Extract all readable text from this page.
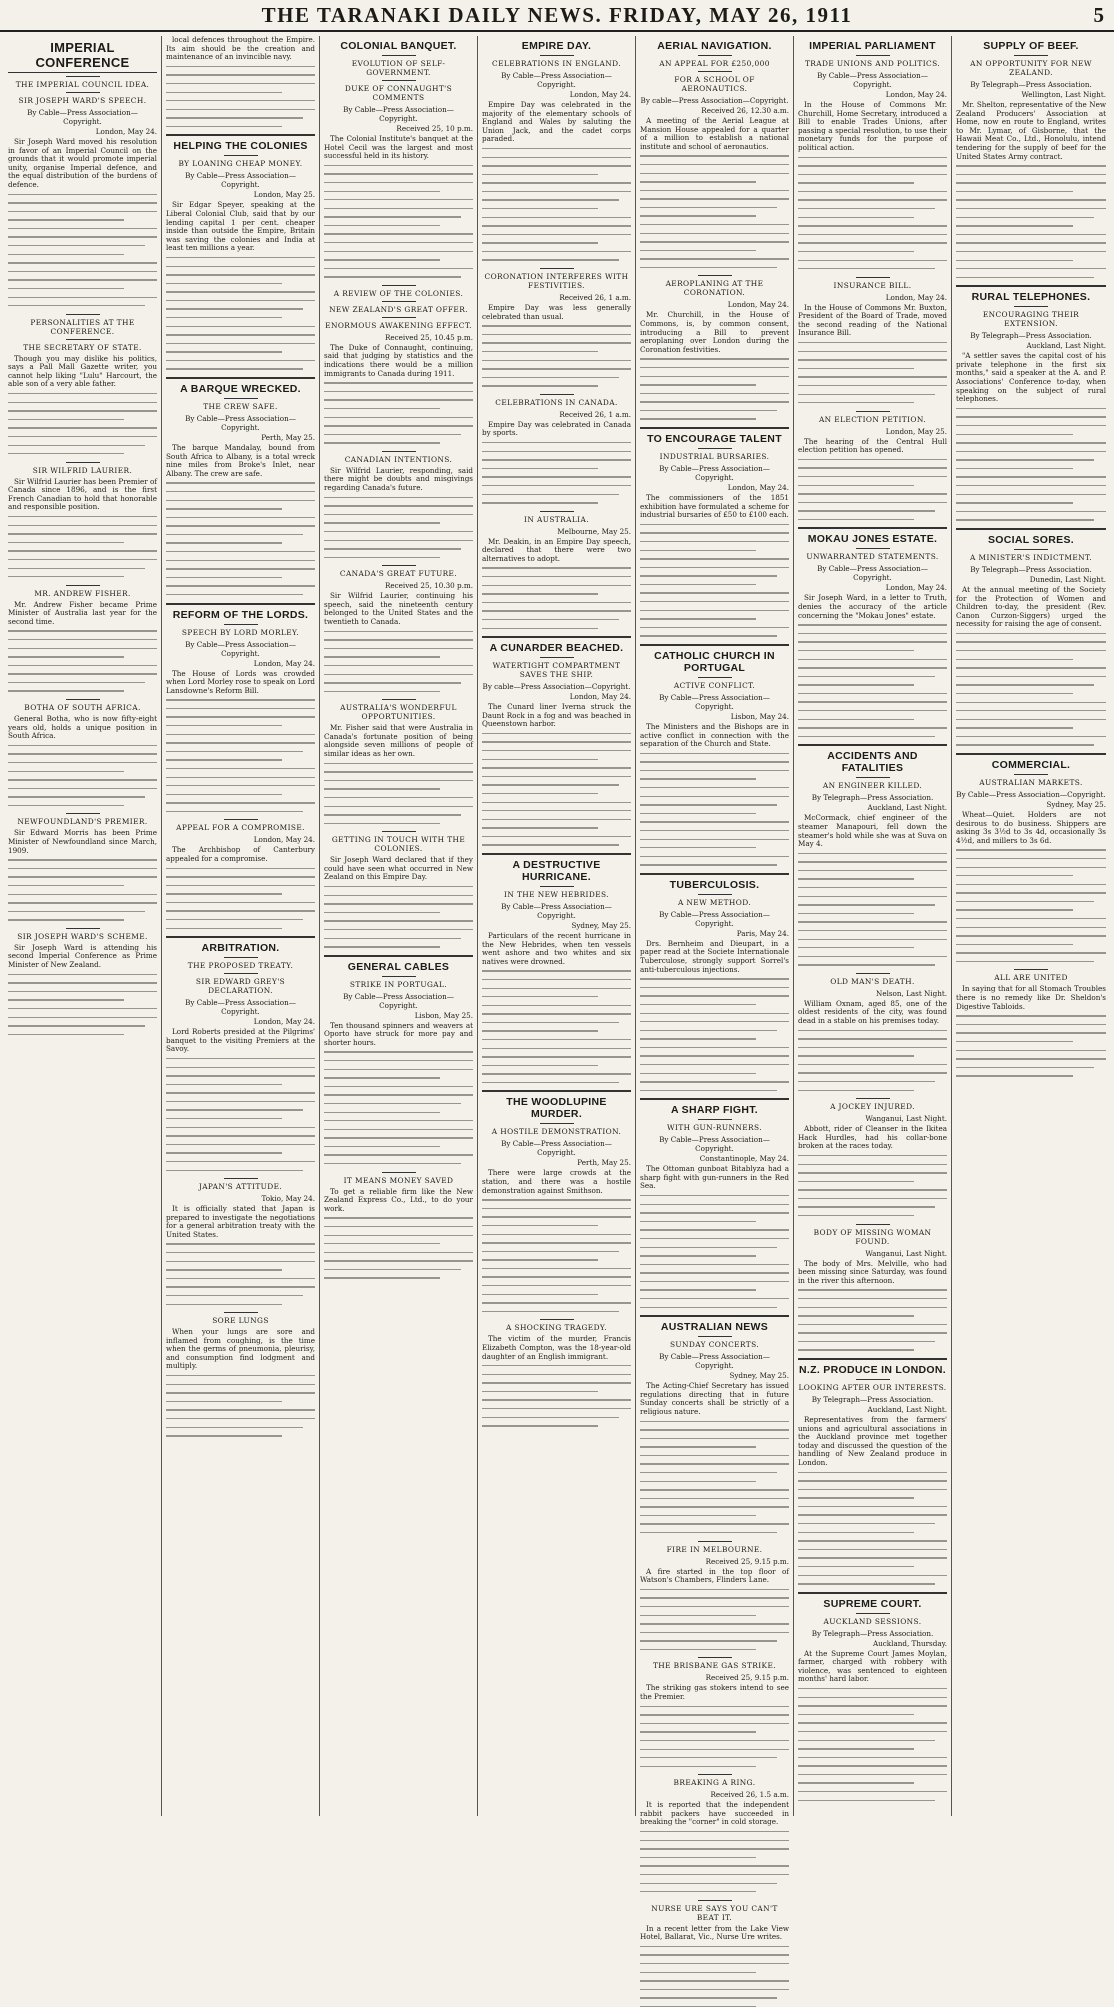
THE TARANAKI DAILY NEWS. FRIDAY, MAY 26, 1911	5
IMPERIAL CONFERENCE
THE IMPERIAL COUNCIL IDEA.
SIR JOSEPH WARD'S SPEECH.
By Cable—Press Association—Copyright.
London, May 24.

Sir Joseph Ward moved his resolution in favor of an Imperial Council on the grounds that it would promote imperial unity, organise Imperial defence, and the equal distribution of the burdens of defence.

PERSONALITIES AT THE CONFERENCE.
THE SECRETARY OF STATE.

Though you may dislike his politics, says a Pall Mall Gazette writer, you cannot help liking "Lulu" Harcourt, the able son of a very able father.

SIR WILFRID LAURIER.

Sir Wilfrid Laurier has been Premier of Canada since 1896, and is the first French Canadian to hold that honorable and responsible position.

MR. ANDREW FISHER.

Mr. Andrew Fisher became Prime Minister of Australia last year for the second time.

BOTHA OF SOUTH AFRICA.

General Botha, who is now fifty-eight years old, holds a unique position in South Africa.

NEWFOUNDLAND'S PREMIER.

Sir Edward Morris has been Prime Minister of Newfoundland since March, 1909.

SIR JOSEPH WARD'S SCHEME.

Sir Joseph Ward is attending his second Imperial Conference as Prime Minister of New Zealand.

local defences throughout the Empire. Its aim should be the creation and maintenance of an invincible navy.

HELPING THE COLONIES
BY LOANING CHEAP MONEY.
By Cable—Press Association—Copyright.
London, May 25.

Sir Edgar Speyer, speaking at the Liberal Colonial Club, said that by our lending capital 1 per cent. cheaper inside than outside the Empire, Britain was saving the colonies and India at least ten millions a year.

A BARQUE WRECKED.
THE CREW SAFE.
By Cable—Press Association—Copyright.
Perth, May 25.

The barque Mandalay, bound from South Africa to Albany, is a total wreck nine miles from Broke's Inlet, near Albany. The crew are safe.

REFORM OF THE LORDS.
SPEECH BY LORD MORLEY.
By Cable—Press Association—Copyright.
London, May 24.

The House of Lords was crowded when Lord Morley rose to speak on Lord Lansdowne's Reform Bill.

APPEAL FOR A COMPROMISE.
London, May 24.

The Archbishop of Canterbury appealed for a compromise.

ARBITRATION.
THE PROPOSED TREATY.
SIR EDWARD GREY'S DECLARATION.
By Cable—Press Association—Copyright.
London, May 24.

Lord Roberts presided at the Pilgrims' banquet to the visiting Premiers at the Savoy.

JAPAN'S ATTITUDE.
Tokio, May 24.

It is officially stated that Japan is prepared to investigate the negotiations for a general arbitration treaty with the United States.

SORE LUNGS

When your lungs are sore and inflamed from coughing, is the time when the germs of pneumonia, pleurisy, and consumption find lodgment and multiply.

COLONIAL BANQUET.
EVOLUTION OF SELF-GOVERNMENT.
DUKE OF CONNAUGHT'S COMMENTS
By Cable—Press Association—Copyright.
Received 25, 10 p.m.

The Colonial Institute's banquet at the Hotel Cecil was the largest and most successful held in its history.

A REVIEW OF THE COLONIES.
NEW ZEALAND'S GREAT OFFER.
ENORMOUS AWAKENING EFFECT.
Received 25, 10.45 p.m.

The Duke of Connaught, continuing, said that judging by statistics and the indications there would be a million immigrants to Canada during 1911.

CANADIAN INTENTIONS.

Sir Wilfrid Laurier, responding, said there might be doubts and misgivings regarding Canada's future.

CANADA'S GREAT FUTURE.
Received 25, 10.30 p.m.

Sir Wilfrid Laurier, continuing his speech, said the nineteenth century belonged to the United States and the twentieth to Canada.

AUSTRALIA'S WONDERFUL OPPORTUNITIES.

Mr. Fisher said that were Australia in Canada's fortunate position of being alongside seven millions of people of similar ideas as her own.

GETTING IN TOUCH WITH THE COLONIES.

Sir Joseph Ward declared that if they could have seen what occurred in New Zealand on this Empire Day.

GENERAL CABLES
STRIKE IN PORTUGAL.
By Cable—Press Association—Copyright.
Lisbon, May 25.

Ten thousand spinners and weavers at Oporto have struck for more pay and shorter hours.

IT MEANS MONEY SAVED

To get a reliable firm like the New Zealand Express Co., Ltd., to do your work.

EMPIRE DAY.
CELEBRATIONS IN ENGLAND.
By Cable—Press Association—Copyright.
London, May 24.

Empire Day was celebrated in the majority of the elementary schools of England and Wales by saluting the Union Jack, and the cadet corps paraded.

CORONATION INTERFERES WITH FESTIVITIES.
Received 26, 1 a.m.

Empire Day was less generally celebrated than usual.

CELEBRATIONS IN CANADA.
Received 26, 1 a.m.

Empire Day was celebrated in Canada by sports.

IN AUSTRALIA.
Melbourne, May 25.

Mr. Deakin, in an Empire Day speech, declared that there were two alternatives to adopt.

A CUNARDER BEACHED.
WATERTIGHT COMPARTMENT SAVES THE SHIP.
By cable—Press Association—Copyright.
London, May 24.

The Cunard liner Iverna struck the Daunt Rock in a fog and was beached in Queenstown harbor.

A DESTRUCTIVE HURRICANE.
IN THE NEW HEBRIDES.
By Cable—Press Association—Copyright.
Sydney, May 25.

Particulars of the recent hurricane in the New Hebrides, when ten vessels went ashore and two whites and six natives were drowned.

THE WOODLUPINE MURDER.
A HOSTILE DEMONSTRATION.
By Cable—Press Association—Copyright.
Perth, May 25.

There were large crowds at the station, and there was a hostile demonstration against Smithson.

A SHOCKING TRAGEDY.

The victim of the murder, Francis Elizabeth Compton, was the 18-year-old daughter of an English immigrant.

AERIAL NAVIGATION.
AN APPEAL FOR £250,000
FOR A SCHOOL OF AERONAUTICS.
By cable—Press Association—Copyright.
Received 26, 12.30 a.m.

A meeting of the Aerial League at Mansion House appealed for a quarter of a million to establish a national institute and school of aeronautics.

AEROPLANING AT THE CORONATION.
London, May 24.

Mr. Churchill, in the House of Commons, is, by common consent, introducing a Bill to prevent aeroplaning over London during the Coronation festivities.

TO ENCOURAGE TALENT
INDUSTRIAL BURSARIES.
By Cable—Press Association—Copyright.
London, May 24.

The commissioners of the 1851 exhibition have formulated a scheme for industrial bursaries of £50 to £100 each.

CATHOLIC CHURCH IN PORTUGAL
ACTIVE CONFLICT.
By Cable—Press Association—Copyright.
Lisbon, May 24.

The Ministers and the Bishops are in active conflict in connection with the separation of the Church and State.

TUBERCULOSIS.
A NEW METHOD.
By Cable—Press Association—Copyright.
Paris, May 24.

Drs. Bernheim and Dieupart, in a paper read at the Societe Internationale Tuberculose, strongly support Sorrel's anti-tuberculous injections.

A SHARP FIGHT.
WITH GUN-RUNNERS.
By Cable—Press Association—Copyright.
Constantinople, May 24.

The Ottoman gunboat Bitablyza had a sharp fight with gun-runners in the Red Sea.

AUSTRALIAN NEWS
SUNDAY CONCERTS.
By Cable—Press Association—Copyright.
Sydney, May 25.

The Acting-Chief Secretary has issued regulations directing that in future Sunday concerts shall be strictly of a religious nature.

FIRE IN MELBOURNE.
Received 25, 9.15 p.m.

A fire started in the top floor of Watson's Chambers, Flinders Lane.

THE BRISBANE GAS STRIKE.
Received 25, 9.15 p.m.

The striking gas stokers intend to see the Premier.

BREAKING A RING.
Received 26, 1.5 a.m.

It is reported that the independent rabbit packers have succeeded in breaking the "corner" in cold storage.

NURSE URE SAYS YOU CAN'T BEAT IT.

In a recent letter from the Lake View Hotel, Ballarat, Vic., Nurse Ure writes.

IMPERIAL PARLIAMENT
TRADE UNIONS AND POLITICS.
By Cable—Press Association—Copyright.
London, May 24.

In the House of Commons Mr. Churchill, Home Secretary, introduced a Bill to enable Trades Unions, after passing a special resolution, to use their monetary funds for the purpose of political action.

INSURANCE BILL.
London, May 24.

In the House of Commons Mr. Buxton, President of the Board of Trade, moved the second reading of the National Insurance Bill.

AN ELECTION PETITION.
London, May 25.

The hearing of the Central Hull election petition has opened.

MOKAU JONES ESTATE.
UNWARRANTED STATEMENTS.
By Cable—Press Association—Copyright.
London, May 24.

Sir Joseph Ward, in a letter to Truth, denies the accuracy of the article concerning the "Mokau Jones" estate.

ACCIDENTS AND FATALITIES
AN ENGINEER KILLED.
By Telegraph—Press Association.
Auckland, Last Night.

McCormack, chief engineer of the steamer Manapouri, fell down the steamer's hold while she was at Suva on May 4.

OLD MAN'S DEATH.
Nelson, Last Night.

William Oxnam, aged 85, one of the oldest residents of the city, was found dead in a stable on his premises today.

A JOCKEY INJURED.
Wanganui, Last Night.

Abbott, rider of Cleanser in the Ikitea Hack Hurdles, had his collar-bone broken at the races today.

BODY OF MISSING WOMAN FOUND.
Wanganui, Last Night.

The body of Mrs. Melville, who had been missing since Saturday, was found in the river this afternoon.

N.Z. PRODUCE IN LONDON.
LOOKING AFTER OUR INTERESTS.
By Telegraph—Press Association.
Auckland, Last Night.

Representatives from the farmers' unions and agricultural associations in the Auckland province met together today and discussed the question of the handling of New Zealand produce in London.

SUPREME COURT.
AUCKLAND SESSIONS.
By Telegraph—Press Association.
Auckland, Thursday.

At the Supreme Court James Moylan, farmer, charged with robbery with violence, was sentenced to eighteen months' hard labor.

SUPPLY OF BEEF.
AN OPPORTUNITY FOR NEW ZEALAND.
By Telegraph—Press Association.
Wellington, Last Night.

Mr. Shelton, representative of the New Zealand Producers' Association at Home, now en route to England, writes to Mr. Lymar, of Gisborne, that the Hawaii Meat Co., Ltd., Honolulu, intend tendering for the supply of beef for the United States Army contract.

RURAL TELEPHONES.
ENCOURAGING THEIR EXTENSION.
By Telegraph—Press Association.
Auckland, Last Night.

"A settler saves the capital cost of his private telephone in the first six months," said a speaker at the A. and P. Associations' Conference to-day, when speaking on the subject of rural telephones.

SOCIAL SORES.
A MINISTER'S INDICTMENT.
By Telegraph—Press Association.
Dunedin, Last Night.

At the annual meeting of the Society for the Protection of Women and Children to-day, the president (Rev. Canon Curzon-Siggers) urged the necessity for raising the age of consent.

COMMERCIAL.
AUSTRALIAN MARKETS.
By Cable—Press Association—Copyright.
Sydney, May 25.

Wheat—Quiet. Holders are not desirous to do business. Shippers are asking 3s 3½d to 3s 4d, occasionally 3s 4½d, and millers to 3s 6d.

ALL ARE UNITED

In saying that for all Stomach Troubles there is no remedy like Dr. Sheldon's Digestive Tabloids.
